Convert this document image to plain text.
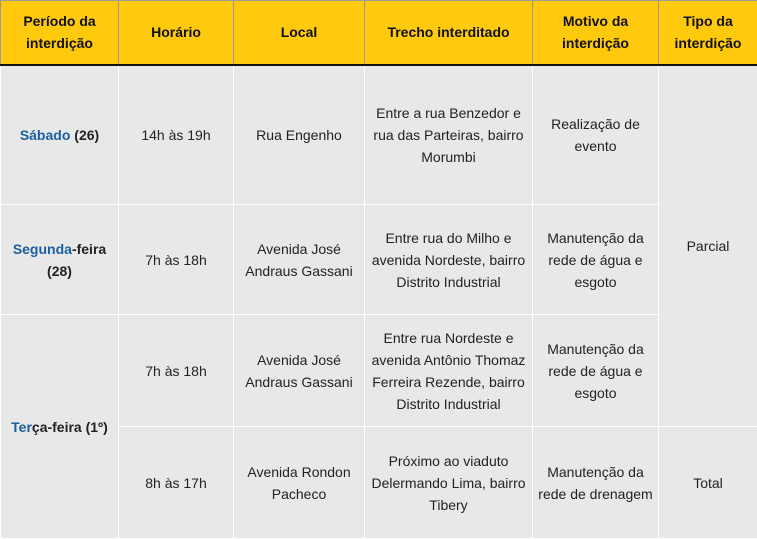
Período da interdição	Horário	Local	Trecho interditado	Motivo da interdição	Tipo da interdição
Sábado (26)	14h às 19h	Rua Engenho	Entre a rua Benzedor e rua das Parteiras, bairro Morumbi	Realização de evento	Parcial
Segunda-feira (28)	7h às 18h	Avenida José Andraus Gassani	Entre rua do Milho e avenida Nordeste, bairro Distrito Industrial	Manutenção da rede de água e esgoto	
Terça-feira (1º)	7h às 18h	Avenida José Andraus Gassani	Entre rua Nordeste e avenida Antônio Thomaz Ferreira Rezende, bairro Distrito Industrial	Manutenção da rede de água e esgoto	
	8h às 17h	Avenida Rondon Pacheco	Próximo ao viaduto Delermando Lima, bairro Tibery	Manutenção da rede de drenagem	Total
